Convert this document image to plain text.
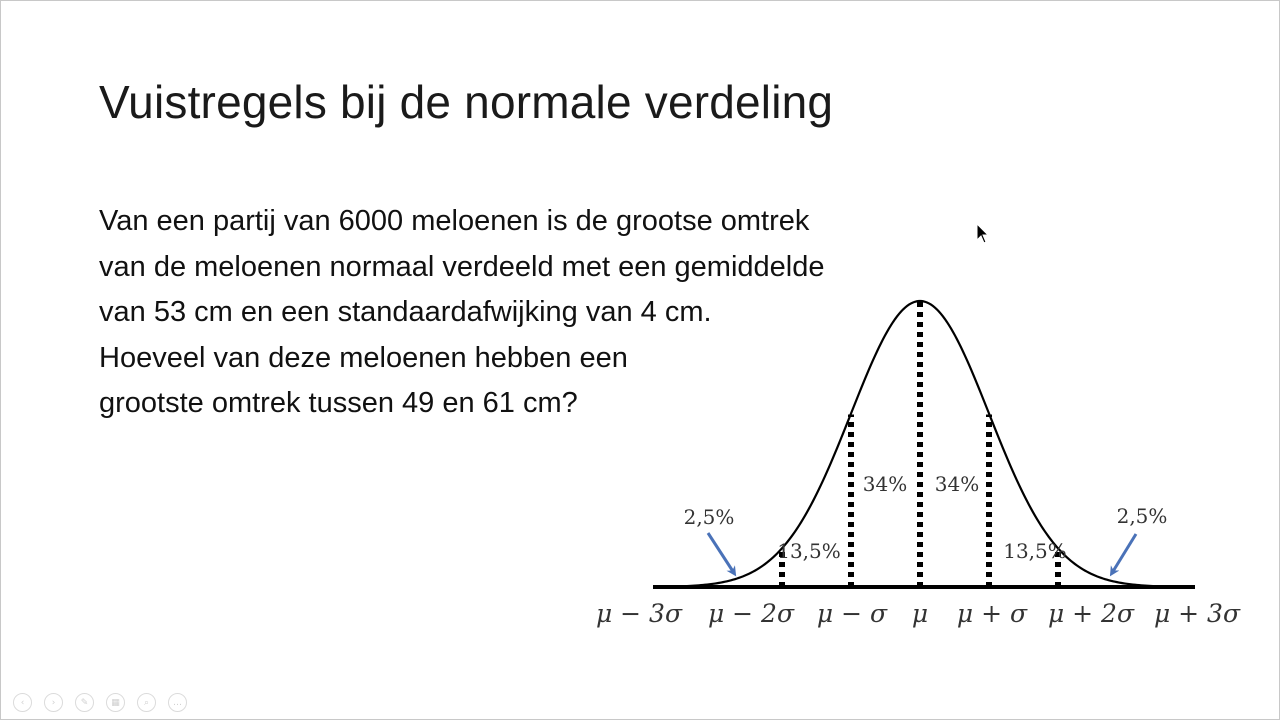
Vuistregels bij de normale verdeling
Van een partij van 6000 meloenen is de grootse omtrek
van de meloenen normaal verdeeld met een gemiddelde
van 53 cm en een standaardafwijking van 4 cm.
Hoeveel van deze meloenen hebben een
grootste omtrek tussen 49 en 61 cm?
2,5%
13,5%
34% 34%
13,5%
2,5%
μ − 3σ μ − 2σ μ − σ μ μ + σ μ + 2σ μ + 3σ
‹	›	✎	▦	⌕	…
